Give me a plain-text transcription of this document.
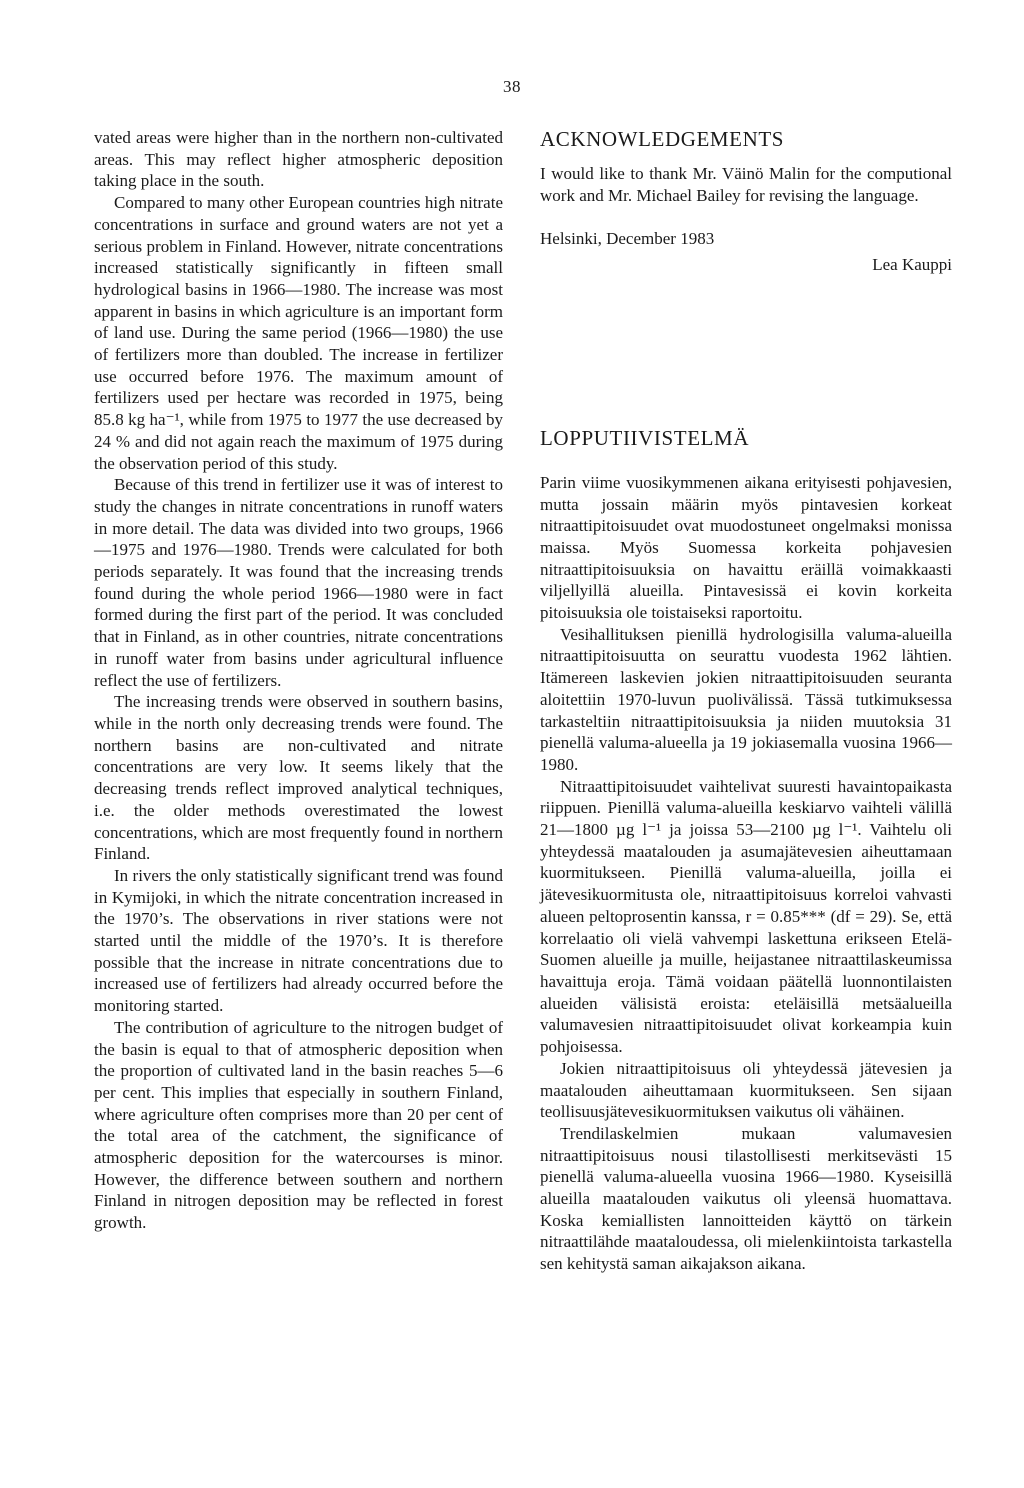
38

vated areas were higher than in the northern non-cultivated areas. This may reflect higher atmospheric deposition taking place in the south.

Compared to many other European countries high nitrate concentrations in surface and ground waters are not yet a serious problem in Finland. However, nitrate concentrations increased statistically significantly in fifteen small hydrological basins in 1966—1980. The increase was most apparent in basins in which agriculture is an important form of land use. During the same period (1966—1980) the use of fertilizers more than doubled. The increase in fertilizer use occurred before 1976. The maximum amount of fertilizers used per hectare was recorded in 1975, being 85.8 kg ha⁻¹, while from 1975 to 1977 the use decreased by 24 % and did not again reach the maximum of 1975 during the observation period of this study.

Because of this trend in fertilizer use it was of interest to study the changes in nitrate concentrations in runoff waters in more detail. The data was divided into two groups, 1966—1975 and 1976—1980. Trends were calculated for both periods separately. It was found that the increasing trends found during the whole period 1966—1980 were in fact formed during the first part of the period. It was concluded that in Finland, as in other countries, nitrate concentrations in runoff water from basins under agricultural influence reflect the use of fertilizers.

The increasing trends were observed in southern basins, while in the north only decreasing trends were found. The northern basins are non-cultivated and nitrate concentrations are very low. It seems likely that the decreasing trends reflect improved analytical techniques, i.e. the older methods overestimated the lowest concentrations, which are most frequently found in northern Finland.

In rivers the only statistically significant trend was found in Kymijoki, in which the nitrate concentration increased in the 1970’s. The observations in river stations were not started until the middle of the 1970’s. It is therefore possible that the increase in nitrate concentrations due to increased use of fertilizers had already occurred before the monitoring started.

The contribution of agriculture to the nitrogen budget of the basin is equal to that of atmospheric deposition when the proportion of cultivated land in the basin reaches 5—6 per cent. This implies that especially in southern Finland, where agriculture often comprises more than 20 per cent of the total area of the catchment, the significance of atmospheric deposition for the watercourses is minor. However, the difference between southern and northern Finland in nitrogen deposition may be reflected in forest growth.

ACKNOWLEDGEMENTS

I would like to thank Mr. Väinö Malin for the computional work and Mr. Michael Bailey for revising the language.

Helsinki, December 1983

Lea Kauppi

LOPPUTIIVISTELMÄ

Parin viime vuosikymmenen aikana erityisesti pohjavesien, mutta jossain määrin myös pintavesien korkeat nitraattipitoisuudet ovat muodostuneet ongelmaksi monissa maissa. Myös Suomessa korkeita pohjavesien nitraattipitoisuuksia on havaittu eräillä voimakkaasti viljellyillä alueilla. Pintavesissä ei kovin korkeita pitoisuuksia ole toistaiseksi raportoitu.

Vesihallituksen pienillä hydrologisilla valuma-alueilla nitraattipitoisuutta on seurattu vuodesta 1962 lähtien. Itämereen laskevien jokien nitraattipitoisuuden seuranta aloitettiin 1970-luvun puolivälissä. Tässä tutkimuksessa tarkasteltiin nitraattipitoisuuksia ja niiden muutoksia 31 pienellä valuma-alueella ja 19 jokiasemalla vuosina 1966—1980.

Nitraattipitoisuudet vaihtelivat suuresti havaintopaikasta riippuen. Pienillä valuma-alueilla keskiarvo vaihteli välillä 21—1800 µg l⁻¹ ja joissa 53—2100 µg l⁻¹. Vaihtelu oli yhteydessä maatalouden ja asumajätevesien aiheuttamaan kuormitukseen. Pienillä valuma-alueilla, joilla ei jätevesikuormitusta ole, nitraattipitoisuus korreloi vahvasti alueen peltoprosentin kanssa, r = 0.85*** (df = 29). Se, että korrelaatio oli vielä vahvempi laskettuna erikseen Etelä-Suomen alueille ja muille, heijastanee nitraattilaskeumissa havaittuja eroja. Tämä voidaan päätellä luonnontilaisten alueiden välisistä eroista: eteläisillä metsäalueilla valumavesien nitraattipitoisuudet olivat korkeampia kuin pohjoisessa.

Jokien nitraattipitoisuus oli yhteydessä jätevesien ja maatalouden aiheuttamaan kuormitukseen. Sen sijaan teollisuusjätevesikuormituksen vaikutus oli vähäinen.

Trendilaskelmien mukaan valumavesien nitraattipitoisuus nousi tilastollisesti merkitsevästi 15 pienellä valuma-alueella vuosina 1966—1980. Kyseisillä alueilla maatalouden vaikutus oli yleensä huomattava. Koska kemiallisten lannoitteiden käyttö on tärkein nitraattilähde maataloudessa, oli mielenkiintoista tarkastella sen kehitystä saman aikajakson aikana.
